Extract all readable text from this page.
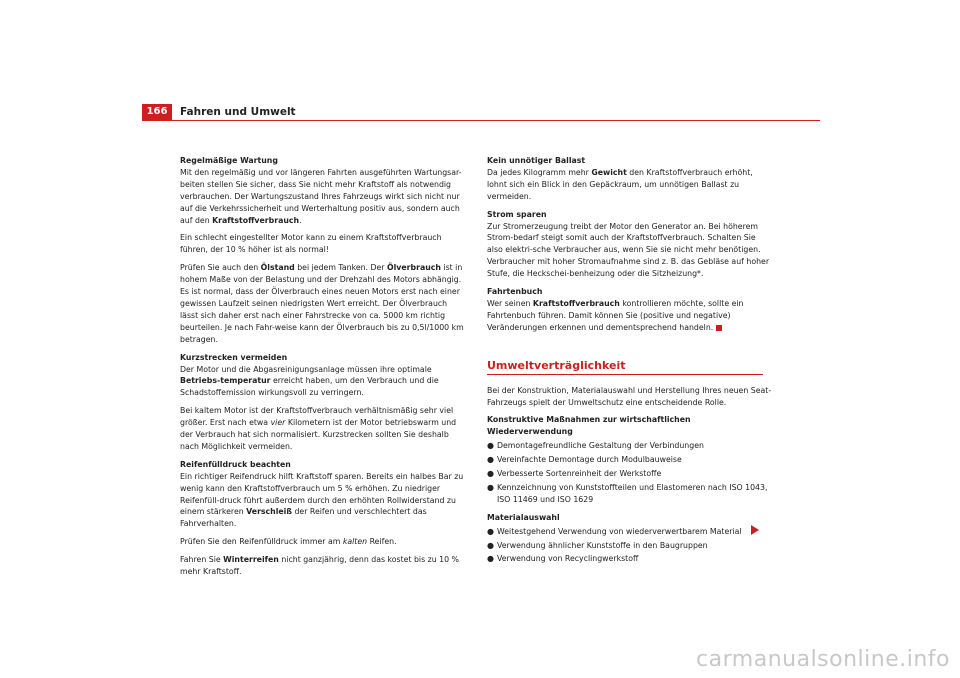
166	Fahren und Umwelt
Regelmäßige Wartung

Mit den regelmäßig und vor längeren Fahrten ausgeführten Wartungsar-beiten stellen Sie sicher, dass Sie nicht mehr Kraftstoff als notwendig verbrauchen. Der Wartungszustand Ihres Fahrzeugs wirkt sich nicht nur auf die Verkehrssicherheit und Werterhaltung positiv aus, sondern auch auf den Kraftstoffverbrauch.

Ein schlecht eingestellter Motor kann zu einem Kraftstoffverbrauch führen, der 10 % höher ist als normal!
Prüfen Sie auch den Ölstand bei jedem Tanken. Der Ölverbrauch ist in hohem Maße von der Belastung und der Drehzahl des Motors abhängig. Es ist normal, dass der Ölverbrauch eines neuen Motors erst nach einer gewissen Laufzeit seinen niedrigsten Wert erreicht. Der Ölverbrauch lässt sich daher erst nach einer Fahrstrecke von ca. 5000 km richtig beurteilen. Je nach Fahr-weise kann der Ölverbrauch bis zu 0,5l/1000 km betragen.
Kurzstrecken vermeiden

Der Motor und die Abgasreinigungsanlage müssen ihre optimale Betriebs-temperatur erreicht haben, um den Verbrauch und die Schadstoffemission wirkungsvoll zu verringern.

Bei kaltem Motor ist der Kraftstoffverbrauch verhältnismäßig sehr viel größer. Erst nach etwa vier Kilometern ist der Motor betriebswarm und der Verbrauch hat sich normalisiert. Kurzstrecken sollten Sie deshalb nach Möglichkeit vermeiden.
Reifenfülldruck beachten

Ein richtiger Reifendruck hilft Kraftstoff sparen. Bereits ein halbes Bar zu wenig kann den Kraftstoffverbrauch um 5 % erhöhen. Zu niedriger Reifenfüll-druck führt außerdem durch den erhöhten Rollwiderstand zu einem stärkeren Verschleiß der Reifen und verschlechtert das Fahrverhalten.

Prüfen Sie den Reifenfülldruck immer am kalten Reifen.
Fahren Sie Winterreifen nicht ganzjährig, denn das kostet bis zu 10 % mehr Kraftstoff.
Kein unnötiger Ballast

Da jedes Kilogramm mehr Gewicht den Kraftstoffverbrauch erhöht, lohnt sich ein Blick in den Gepäckraum, um unnötigen Ballast zu vermeiden.

Strom sparen

Zur Stromerzeugung treibt der Motor den Generator an. Bei höherem Strom-bedarf steigt somit auch der Kraftstoffverbrauch. Schalten Sie also elektri-sche Verbraucher aus, wenn Sie sie nicht mehr benötigen. Verbraucher mit hoher Stromaufnahme sind z. B. das Gebläse auf hoher Stufe, die Heckschei-benheizung oder die Sitzheizung*.

Fahrtenbuch

Wer seinen Kraftstoffverbrauch kontrollieren möchte, sollte ein Fahrtenbuch führen. Damit können Sie (positive und negative) Veränderungen erkennen und dementsprechend handeln.

Umweltverträglichkeit
Bei der Konstruktion, Materialauswahl und Herstellung Ihres neuen Seat-Fahrzeugs spielt der Umweltschutz eine entscheidende Rolle.
Konstruktive Maßnahmen zur wirtschaftlichen Wiederverwendung
● Demontagefreundliche Gestaltung der Verbindungen
● Vereinfachte Demontage durch Modulbauweise
● Verbesserte Sortenreinheit der Werkstoffe
● Kennzeichnung von Kunststoffteilen und Elastomeren nach ISO 1043, ISO 11469 und ISO 1629
Materialauswahl
● Weitestgehend Verwendung von wiederverwertbarem Material
● Verwendung ähnlicher Kunststoffe in den Baugruppen
● Verwendung von Recyclingwerkstoff
carmanualsonline.info
